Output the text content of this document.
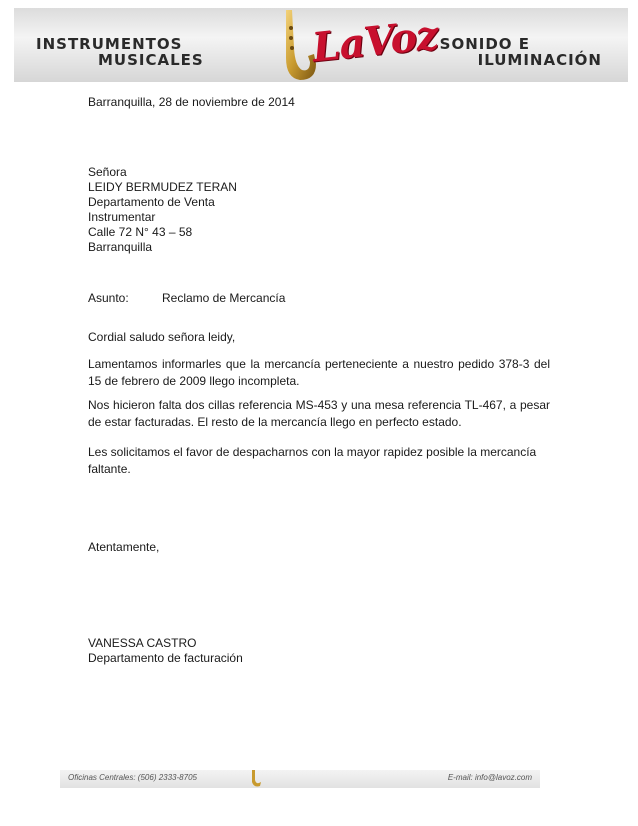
INSTRUMENTOS
MUSICALES	LaVoz SONIDO E
ILUMINACIÓN

Barranquilla, 28 de noviembre de 2014

Señora
LEIDY BERMUDEZ TERAN
Departamento de Venta
Instrumentar
Calle 72 N° 43 – 58
Barranquilla
Asunto:	Reclamo de Mercancía

Cordial saludo señora leidy,

Lamentamos informarles que la mercancía perteneciente a nuestro pedido 378-3 del 15 de febrero de 2009 llego incompleta.

Nos hicieron falta dos cillas referencia MS-453 y una mesa referencia TL-467, a pesar de estar facturadas. El resto de la mercancía llego en perfecto estado.

Les solicitamos el favor de despacharnos con la mayor rapidez posible la mercancía faltante.

Atentamente,

VANESSA CASTRO
Departamento de facturación
Oficinas Centrales: (506) 2333-8705	E-mail: info@lavoz.com
